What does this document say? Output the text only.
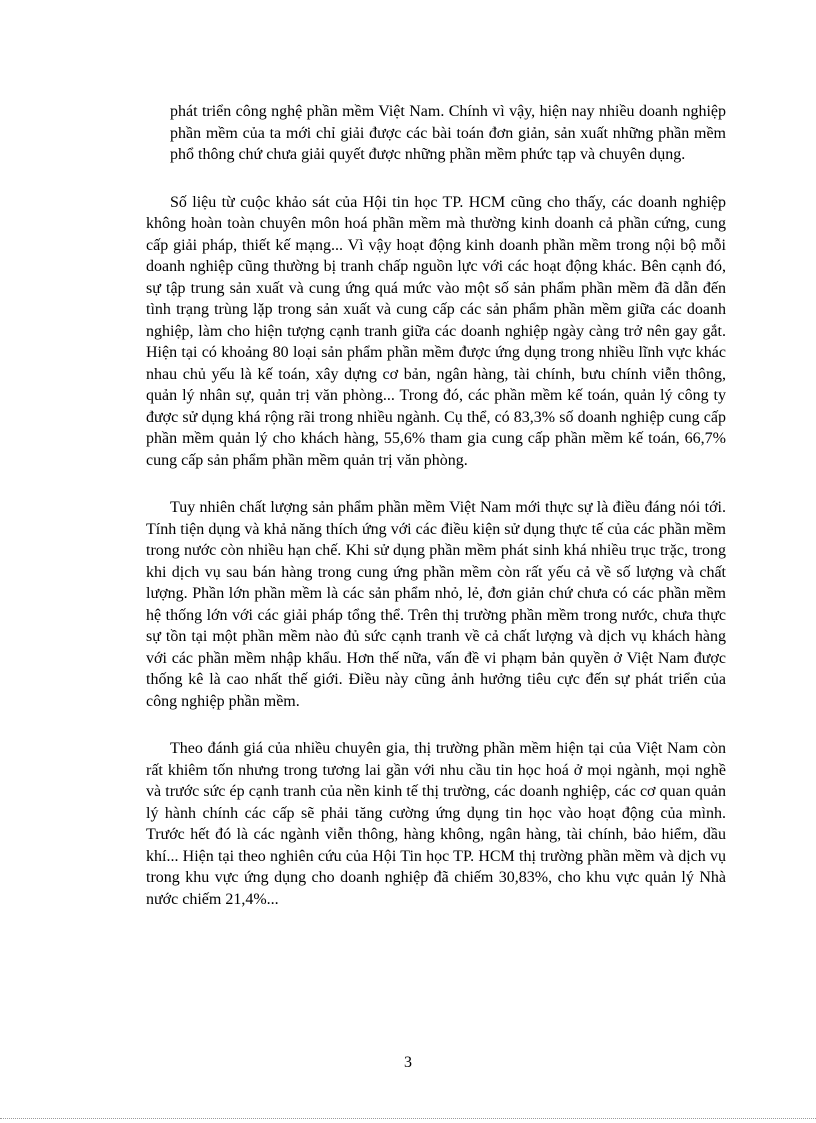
phát triển công nghệ phần mềm Việt Nam. Chính vì vậy, hiện nay nhiều doanh nghiệp phần mềm của ta mới chỉ giải được các bài toán đơn giản, sản xuất những phần mềm phổ thông chứ chưa giải quyết được những phần mềm phức tạp và chuyên dụng.

Số liệu từ cuộc khảo sát của Hội tin học TP. HCM cũng cho thấy, các doanh nghiệp không hoàn toàn chuyên môn hoá phần mềm mà thường kinh doanh cả phần cứng, cung cấp giải pháp, thiết kế mạng... Vì vậy hoạt động kinh doanh phần mềm trong nội bộ mỗi doanh nghiệp cũng thường bị tranh chấp nguồn lực với các hoạt động khác. Bên cạnh đó, sự tập trung sản xuất và cung ứng quá mức vào một số sản phẩm phần mềm đã dẫn đến tình trạng trùng lặp trong sản xuất và cung cấp các sản phẩm phần mềm giữa các doanh nghiệp, làm cho hiện tượng cạnh tranh giữa các doanh nghiệp ngày càng trở nên gay gắt. Hiện tại có khoảng 80 loại sản phẩm phần mềm được ứng dụng trong nhiều lĩnh vực khác nhau chủ yếu là kế toán, xây dựng cơ bản, ngân hàng, tài chính, bưu chính viễn thông, quản lý nhân sự, quản trị văn phòng... Trong đó, các phần mềm kế toán, quản lý công ty được sử dụng khá rộng rãi trong nhiều ngành. Cụ thể, có 83,3% số doanh nghiệp cung cấp phần mềm quản lý cho khách hàng, 55,6% tham gia cung cấp phần mềm kế toán, 66,7% cung cấp sản phẩm phần mềm quản trị văn phòng.

Tuy nhiên chất lượng sản phẩm phần mềm Việt Nam mới thực sự là điều đáng nói tới. Tính tiện dụng và khả năng thích ứng với các điều kiện sử dụng thực tế của các phần mềm trong nước còn nhiều hạn chế. Khi sử dụng phần mềm phát sinh khá nhiều trục trặc, trong khi dịch vụ sau bán hàng trong cung ứng phần mềm còn rất yếu cả về số lượng và chất lượng. Phần lớn phần mềm là các sản phẩm nhỏ, lẻ, đơn giản chứ chưa có các phần mềm hệ thống lớn với các giải pháp tổng thể. Trên thị trường phần mềm trong nước, chưa thực sự tồn tại một phần mềm nào đủ sức cạnh tranh về cả chất lượng và dịch vụ khách hàng với các phần mềm nhập khẩu. Hơn thế nữa, vấn đề vi phạm bản quyền ở Việt Nam được thống kê là cao nhất thế giới. Điều này cũng ảnh hưởng tiêu cực đến sự phát triển của công nghiệp phần mềm.

Theo đánh giá của nhiều chuyên gia, thị trường phần mềm hiện tại của Việt Nam còn rất khiêm tốn nhưng trong tương lai gần với nhu cầu tin học hoá ở mọi ngành, mọi nghề và trước sức ép cạnh tranh của nền kinh tế thị trường, các doanh nghiệp, các cơ quan quản lý hành chính các cấp sẽ phải tăng cường ứng dụng tin học vào hoạt động của mình. Trước hết đó là các ngành viễn thông, hàng không, ngân hàng, tài chính, bảo hiểm, dầu khí... Hiện tại theo nghiên cứu của Hội Tin học TP. HCM thị trường phần mềm và dịch vụ trong khu vực ứng dụng cho doanh nghiệp đã chiếm 30,83%, cho khu vực quản lý Nhà nước chiếm 21,4%...

3
